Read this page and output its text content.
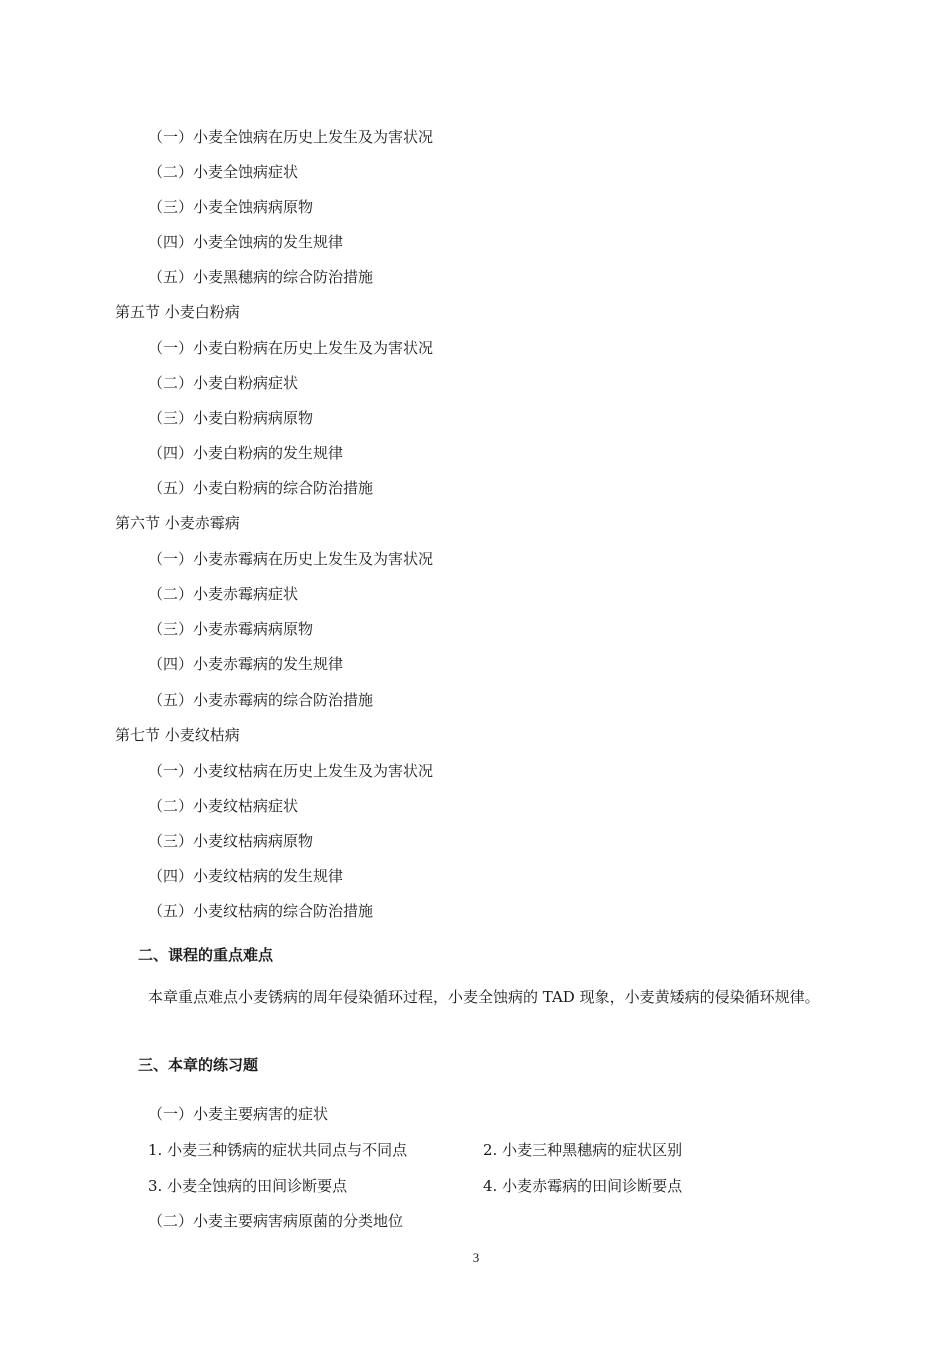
（一）小麦全蚀病在历史上发生及为害状况
（二）小麦全蚀病症状
（三）小麦全蚀病病原物
（四）小麦全蚀病的发生规律
（五）小麦黑穗病的综合防治措施
第五节 小麦白粉病
（一）小麦白粉病在历史上发生及为害状况
（二）小麦白粉病症状
（三）小麦白粉病病原物
（四）小麦白粉病的发生规律
（五）小麦白粉病的综合防治措施
第六节 小麦赤霉病
（一）小麦赤霉病在历史上发生及为害状况
（二）小麦赤霉病症状
（三）小麦赤霉病病原物
（四）小麦赤霉病的发生规律
（五）小麦赤霉病的综合防治措施
第七节 小麦纹枯病
（一）小麦纹枯病在历史上发生及为害状况
（二）小麦纹枯病症状
（三）小麦纹枯病病原物
（四）小麦纹枯病的发生规律
（五）小麦纹枯病的综合防治措施
二、课程的重点难点
本章重点难点小麦锈病的周年侵染循环过程，小麦全蚀病的 TAD 现象，小麦黄矮病的侵染循环规律。
三、本章的练习题
（一）小麦主要病害的症状
1. 小麦三种锈病的症状共同点与不同点	2. 小麦三种黑穗病的症状区别
3. 小麦全蚀病的田间诊断要点	4. 小麦赤霉病的田间诊断要点
（二）小麦主要病害病原菌的分类地位
3
